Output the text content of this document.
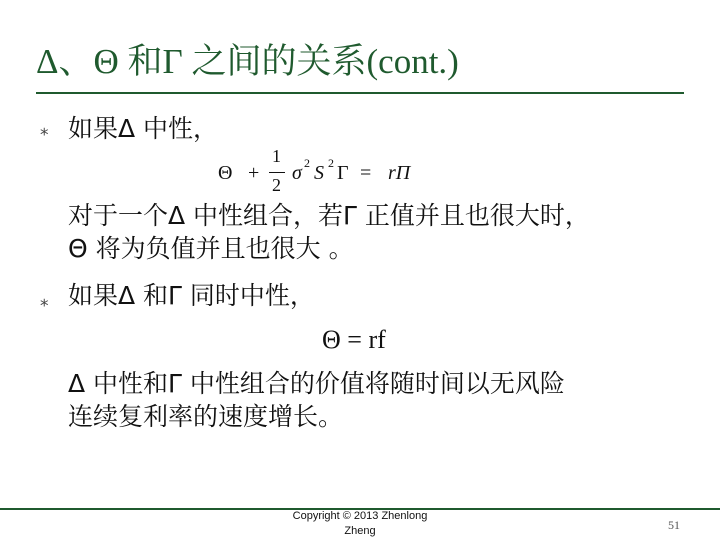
Δ、Θ 和Γ 之间的关系(cont.)
⁎ 如果Δ 中性，
Θ +
1
2
σ 2 S 2 Γ = rΠ
对于一个Δ 中性组合，若Γ 正值并且也很大时，
Θ 将为负值并且也很大 。
⁎ 如果Δ 和Γ 同时中性，
Θ = rf
Δ 中性和Γ 中性组合的价值将随时间以无风险
连续复利率的速度增长。
Copyright © 2013 Zhenlong
Zheng	51
